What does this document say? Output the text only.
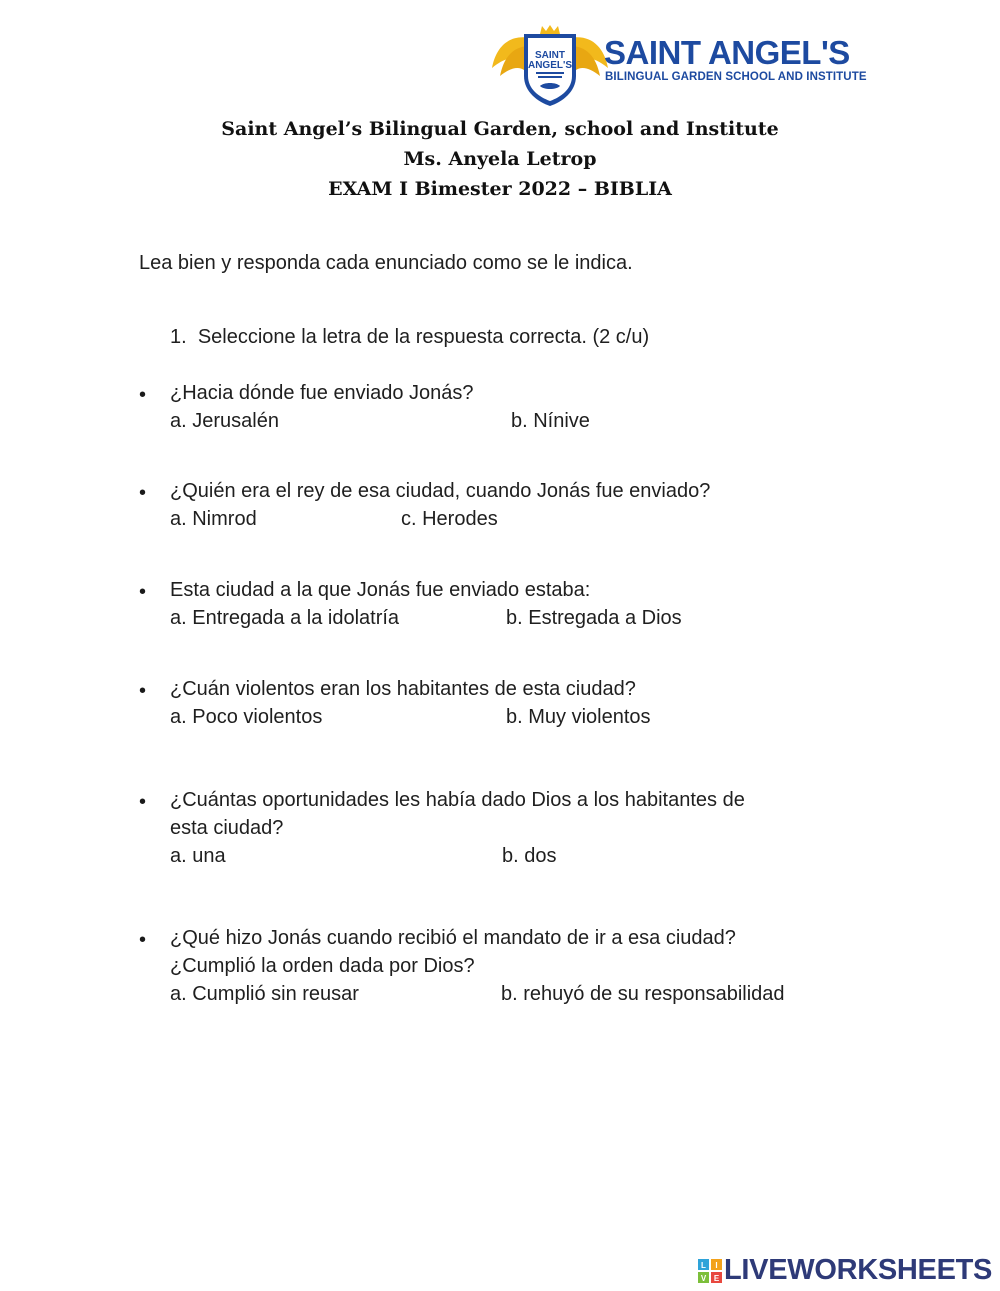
SAINT
ANGEL'S SAINT ANGEL'S
BILINGUAL GARDEN SCHOOL AND INSTITUTE
Saint Angel’s Bilingual Garden, school and Institute
Ms. Anyela Letrop
EXAM I Bimester 2022 – BIBLIA
Lea bien y responda cada enunciado como se le indica.
1. Seleccione la letra de la respuesta correcta. (2 c/u)
• ¿Hacia dónde fue enviado Jonás?
a. Jerusalén	b. Nínive
• ¿Quién era el rey de esa ciudad, cuando Jonás fue enviado?
a. Nimrod	c. Herodes
• Esta ciudad a la que Jonás fue enviado estaba:
a. Entregada a la idolatría	b. Estregada a Dios
• ¿Cuán violentos eran los habitantes de esta ciudad?
a. Poco violentos	b. Muy violentos
• ¿Cuántas oportunidades les había dado Dios a los habitantes de
esta ciudad?
a. una	b. dos
• ¿Qué hizo Jonás cuando recibió el mandato de ir a esa ciudad?
¿Cumplió la orden dada por Dios?
a. Cumplió sin reusar	b. rehuyó de su responsabilidad
L I
V E LIVEWORKSHEETS
